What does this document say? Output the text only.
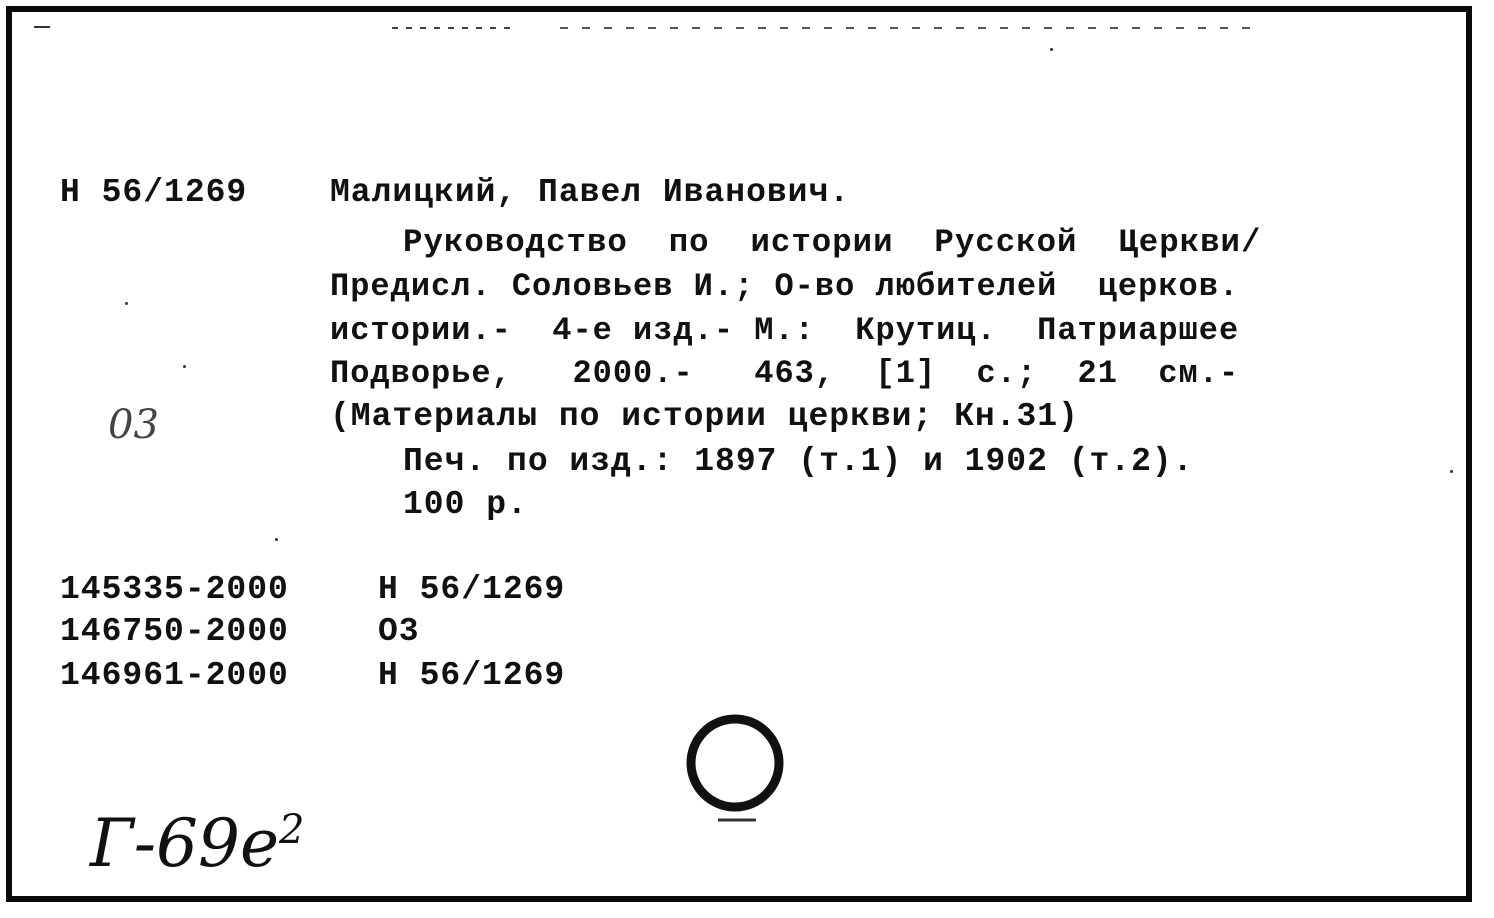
Н 56/1269	Малицкий, Павел Иванович.
Руководство  по  истории  Русской  Церкви/
Предисл. Соловьев И.; О-во любителей  церков.
истории.-  4-е изд.- М.:  Крутиц.  Патриаршее
Подворье,   2000.-   463,  [1]  с.;  21  см.-
(Материалы по истории церкви; Кн.31)
Печ. по изд.: 1897 (т.1) и 1902 (т.2).
100 р.
03
145335-2000	Н 56/1269
146750-2000	О3
146961-2000	Н 56/1269
$Г-69е^2$
